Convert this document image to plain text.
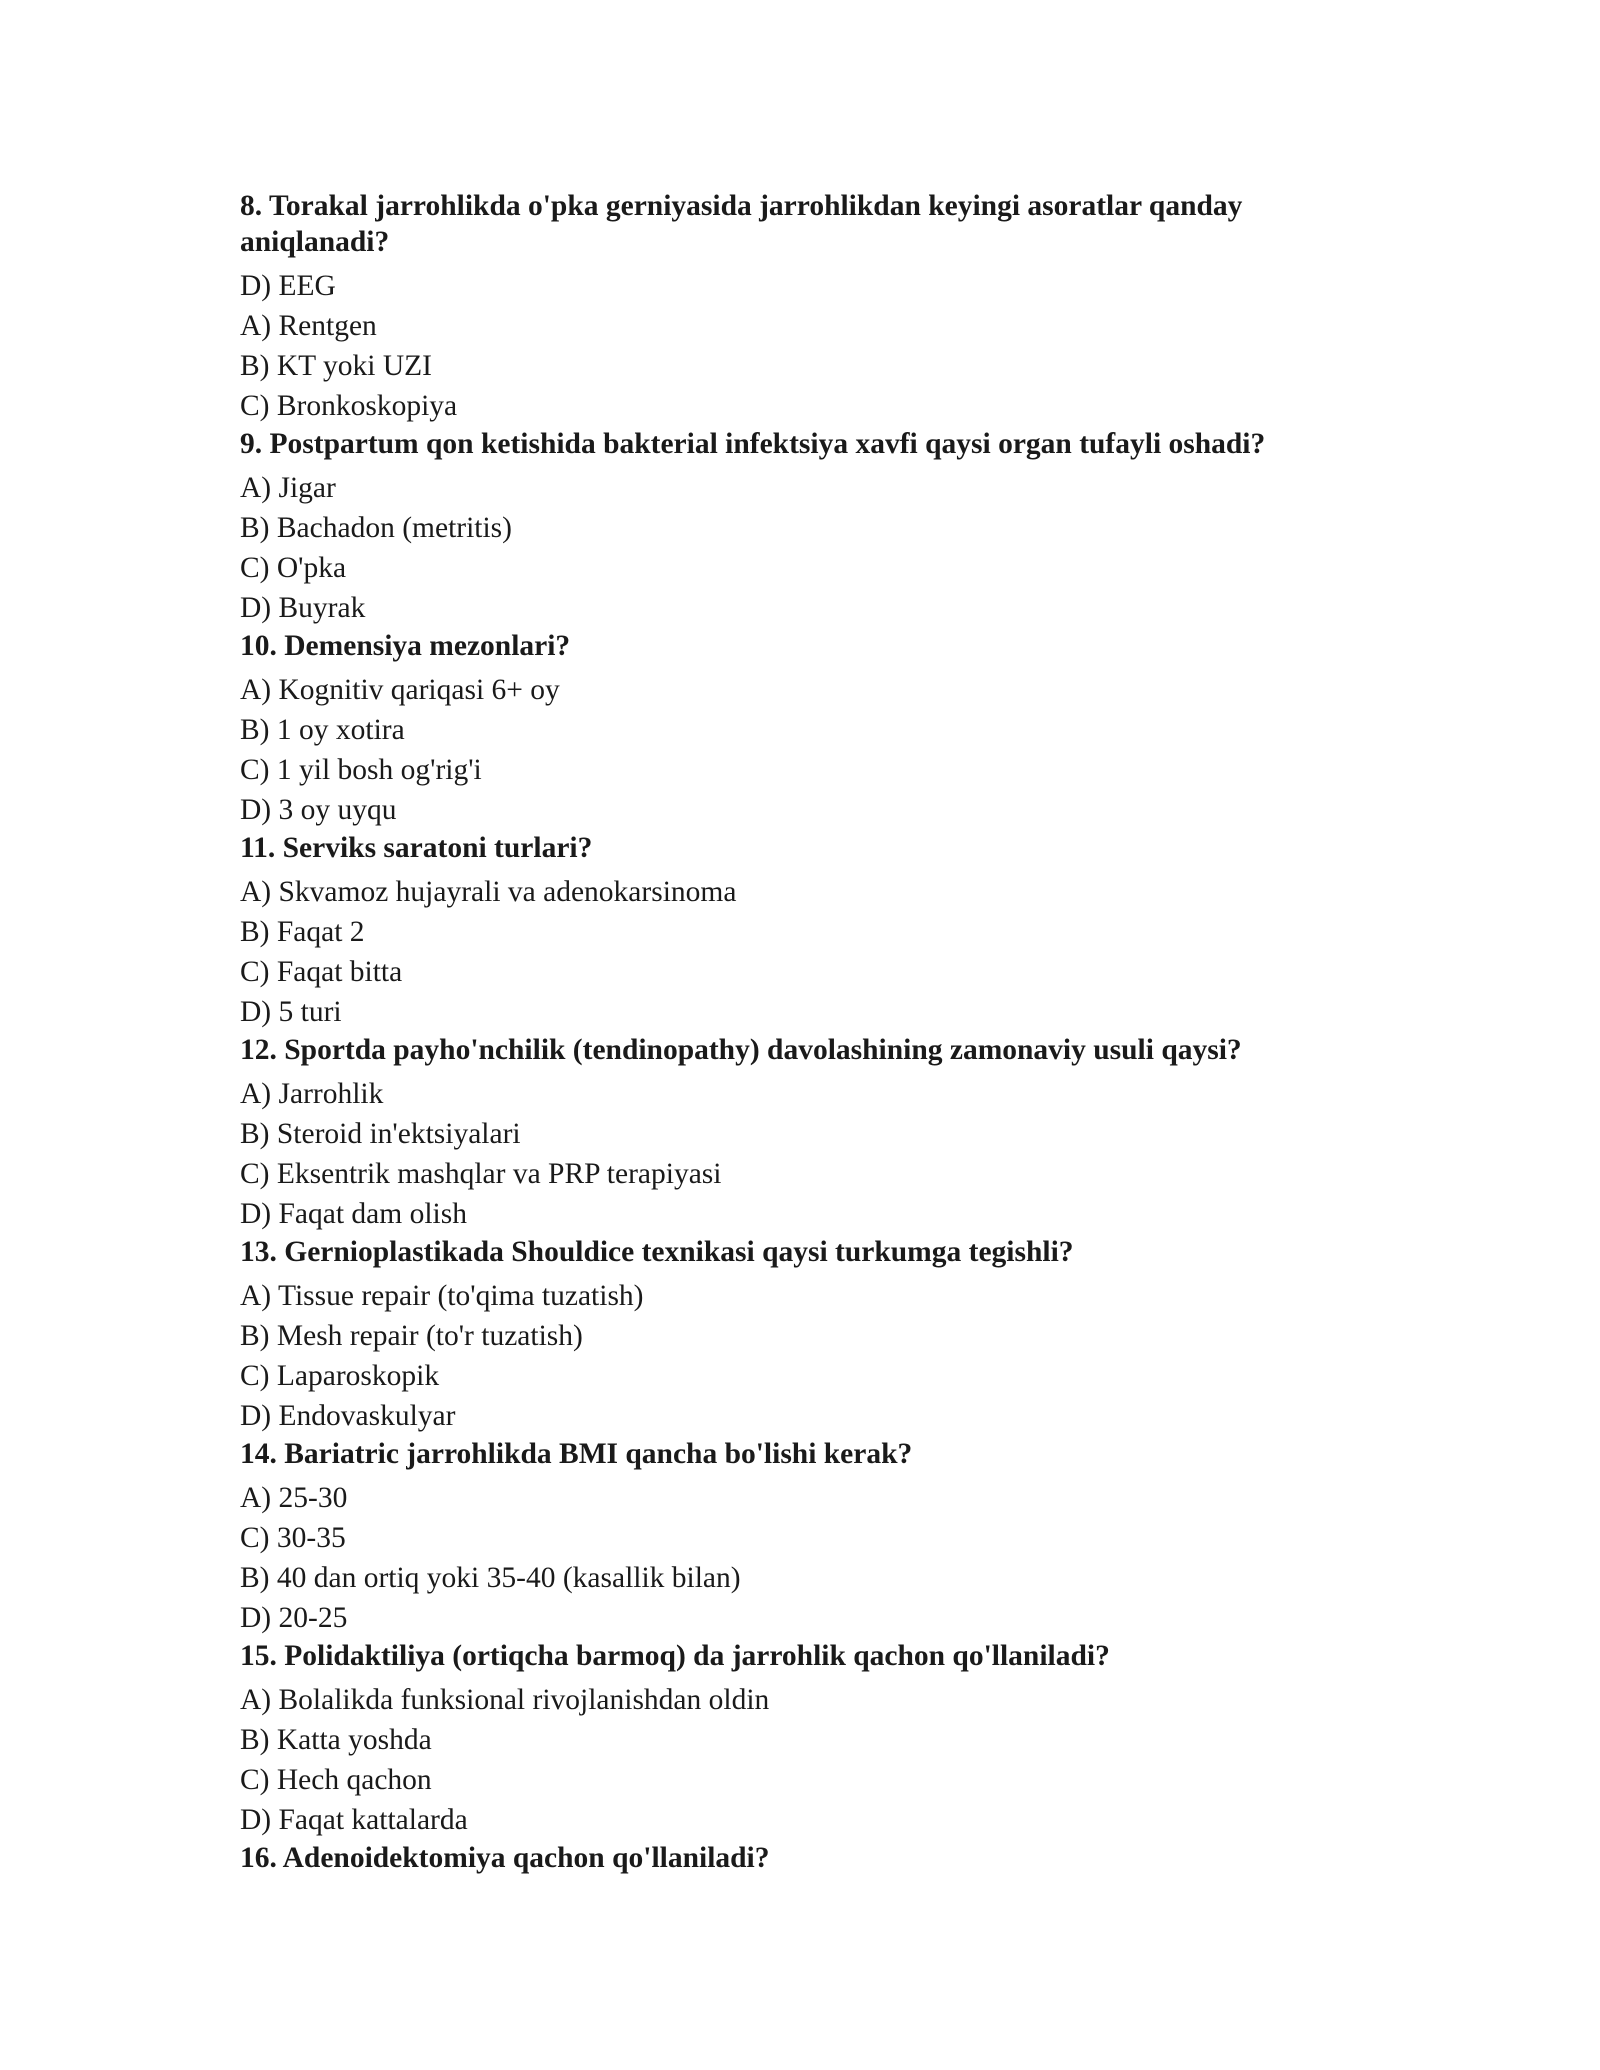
8. Torakal jarrohlikda o'pka gerniyasida jarrohlikdan keyingi asoratlar qanday aniqlanadi?
D) EEG
A) Rentgen
B) KT yoki UZI
C) Bronkoskopiya
9. Postpartum qon ketishida bakterial infektsiya xavfi qaysi organ tufayli oshadi?
A) Jigar
B) Bachadon (metritis)
C) O'pka
D) Buyrak
10. Demensiya mezonlari?
A) Kognitiv qariqasi 6+ oy
B) 1 oy xotira
C) 1 yil bosh og'rig'i
D) 3 oy uyqu
11. Serviks saratoni turlari?
A) Skvamoz hujayrali va adenokarsinoma
B) Faqat 2
C) Faqat bitta
D) 5 turi
12. Sportda payho'nchilik (tendinopathy) davolashining zamonaviy usuli qaysi?
A) Jarrohlik
B) Steroid in'ektsiyalari
C) Eksentrik mashqlar va PRP terapiyasi
D) Faqat dam olish
13. Gernioplastikada Shouldice texnikasi qaysi turkumga tegishli?
A) Tissue repair (to'qima tuzatish)
B) Mesh repair (to'r tuzatish)
C) Laparoskopik
D) Endovaskulyar
14. Bariatric jarrohlikda BMI qancha bo'lishi kerak?
A) 25-30
C) 30-35
B) 40 dan ortiq yoki 35-40 (kasallik bilan)
D) 20-25
15. Polidaktiliya (ortiqcha barmoq) da jarrohlik qachon qo'llaniladi?
A) Bolalikda funksional rivojlanishdan oldin
B) Katta yoshda
C) Hech qachon
D) Faqat kattalarda
16. Adenoidektomiya qachon qo'llaniladi?
